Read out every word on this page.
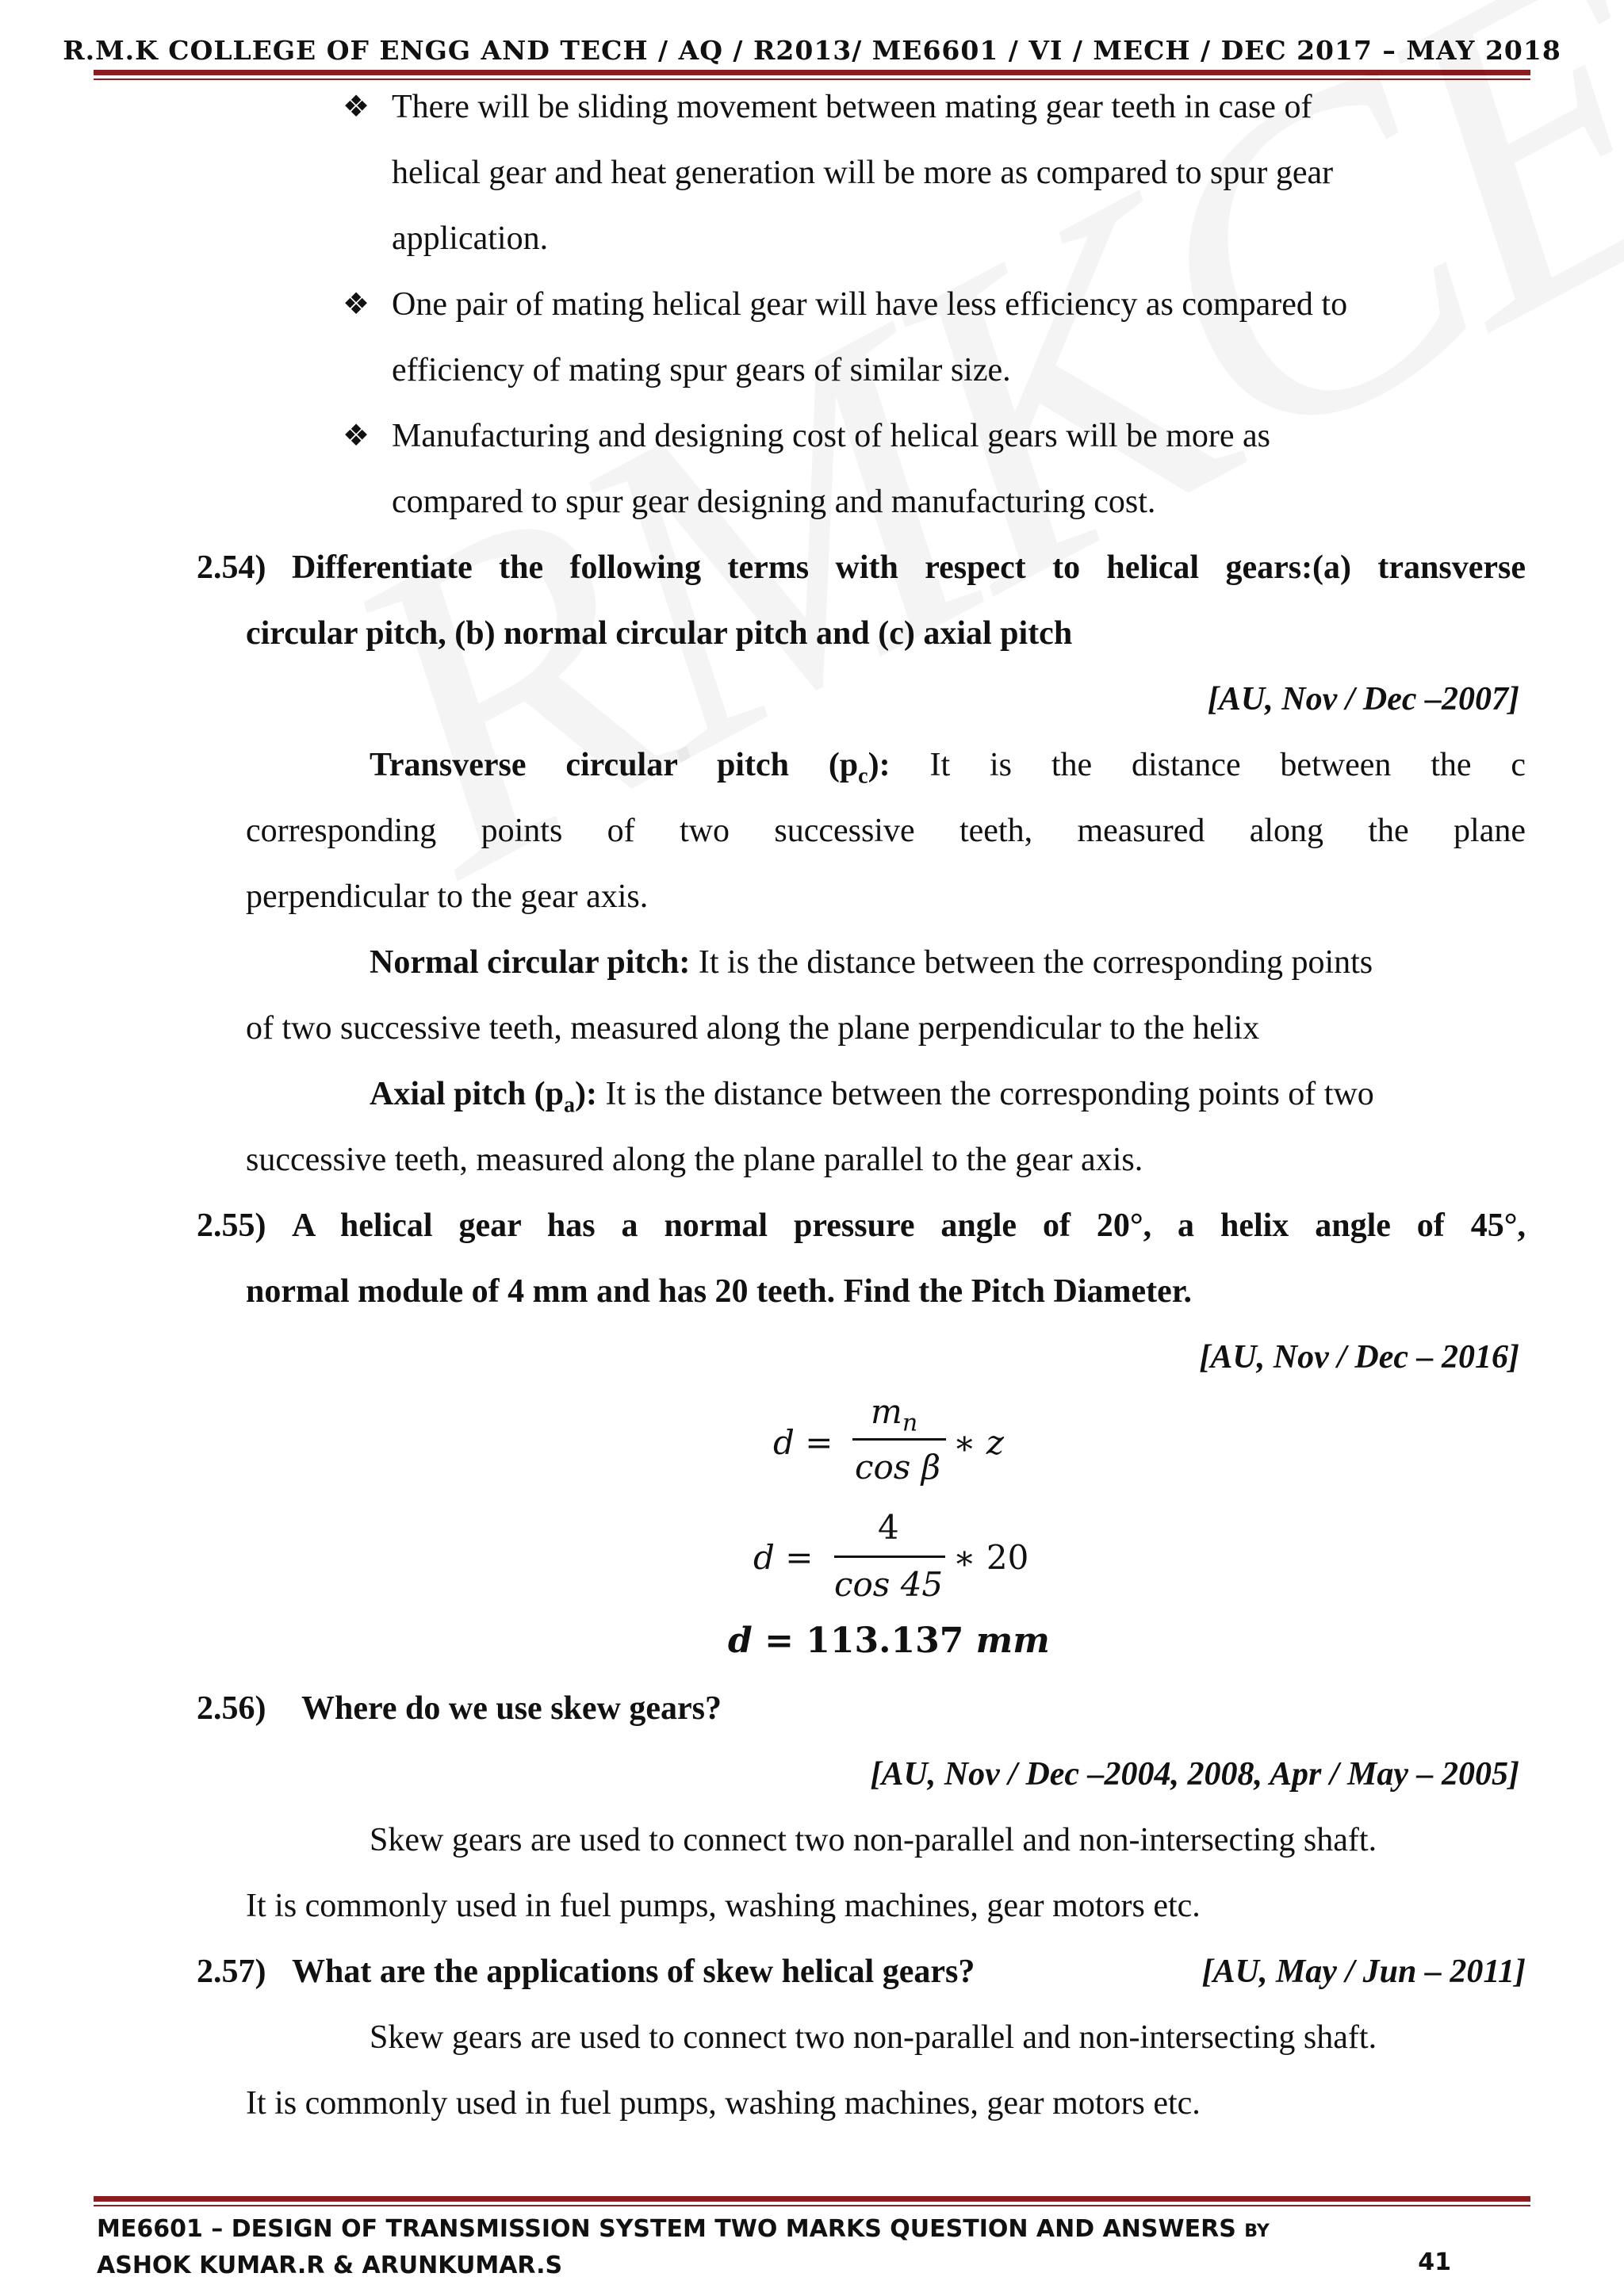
R.M.K COLLEGE OF ENGG AND TECH / AQ / R2013/ ME6601 / VI / MECH / DEC 2017 – MAY 2018
❖ There will be sliding movement between mating gear teeth in case of
helical gear and heat generation will be more as compared to spur gear
application.
❖ One pair of mating helical gear will have less efficiency as compared to
efficiency of mating spur gears of similar size.
❖ Manufacturing and designing cost of helical gears will be more as
compared to spur gear designing and manufacturing cost.
2.54) Differentiate the following terms with respect to helical gears:(a) transverse
circular pitch, (b) normal circular pitch and (c) axial pitch
[AU, Nov / Dec –2007]
Transverse circular pitch $(p_c)$: It is the distance between the c
corresponding points of two successive teeth, measured along the plane
perpendicular to the gear axis.
Normal circular pitch: It is the distance between the corresponding points
of two successive teeth, measured along the plane perpendicular to the helix
Axial pitch $(p_a)$: It is the distance between the corresponding points of two
successive teeth, measured along the plane parallel to the gear axis.
2.55) A helical gear has a normal pressure angle of 20°, a helix angle of 45°,
normal module of 4 mm and has 20 teeth. Find the Pitch Diameter.
[AU, Nov / Dec – 2016]
d =
$m_n$
cos β
∗ z
d =
4
cos 45
∗ 20
d = 113.137 mm
2.56) Where do we use skew gears?
[AU, Nov / Dec –2004, 2008, Apr / May – 2005]
Skew gears are used to connect two non-parallel and non-intersecting shaft.
It is commonly used in fuel pumps, washing machines, gear motors etc.
2.57) What are the applications of skew helical gears?	[AU, May / Jun – 2011]
Skew gears are used to connect two non-parallel and non-intersecting shaft.
It is commonly used in fuel pumps, washing machines, gear motors etc.
ME6601 – DESIGN OF TRANSMISSION SYSTEM TWO MARKS QUESTION AND ANSWERS BY
ASHOK KUMAR.R & ARUNKUMAR.S	41
